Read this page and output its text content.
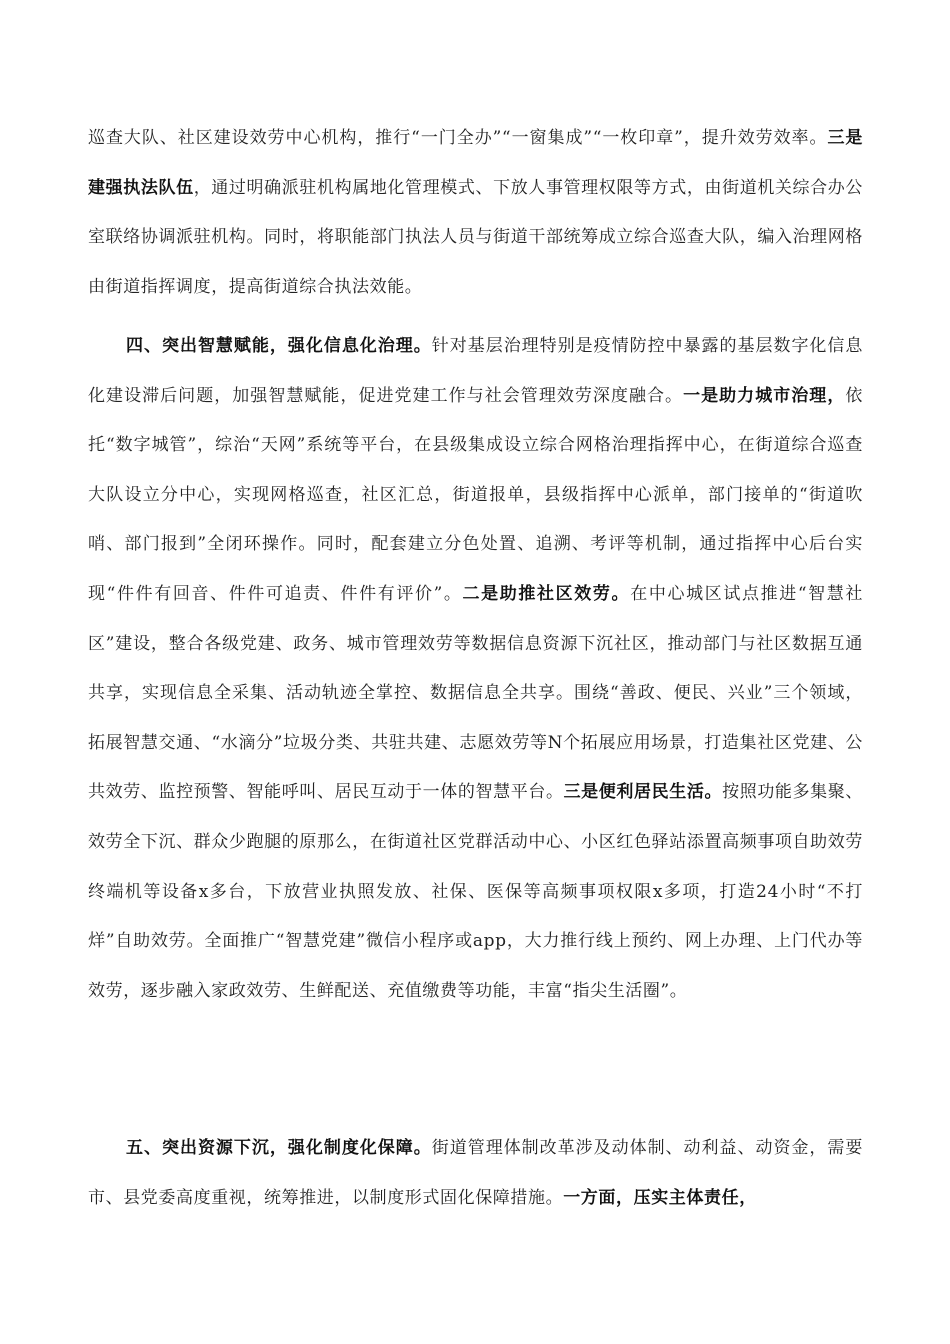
巡查大队、社区建设效劳中心机构，推行“一门全办”“一窗集成”“一枚印章”，提升效劳效率。三是建强执法队伍，通过明确派驻机构属地化管理模式、下放人事管理权限等方式，由街道机关综合办公室联络协调派驻机构。同时，将职能部门执法人员与街道干部统筹成立综合巡查大队，编入治理网格由街道指挥调度，提高街道综合执法效能。

四、突出智慧赋能，强化信息化治理。针对基层治理特别是疫情防控中暴露的基层数字化信息化建设滞后问题，加强智慧赋能，促进党建工作与社会管理效劳深度融合。一是助力城市治理，依托“数字城管”，综治“天网”系统等平台，在县级集成设立综合网格治理指挥中心，在街道综合巡查大队设立分中心，实现网格巡查，社区汇总，街道报单，县级指挥中心派单，部门接单的“街道吹哨、部门报到”全闭环操作。同时，配套建立分色处置、追溯、考评等机制，通过指挥中心后台实现“件件有回音、件件可追责、件件有评价”。二是助推社区效劳。在中心城区试点推进“智慧社区”建设，整合各级党建、政务、城市管理效劳等数据信息资源下沉社区，推动部门与社区数据互通共享，实现信息全采集、活动轨迹全掌控、数据信息全共享。围绕“善政、便民、兴业”三个领域，拓展智慧交通、“水滴分”垃圾分类、共驻共建、志愿效劳等N个拓展应用场景，打造集社区党建、公共效劳、监控预警、智能呼叫、居民互动于一体的智慧平台。三是便利居民生活。按照功能多集聚、效劳全下沉、群众少跑腿的原那么，在街道社区党群活动中心、小区红色驿站添置高频事项自助效劳终端机等设备x多台，下放营业执照发放、社保、医保等高频事项权限x多项，打造24小时“不打烊”自助效劳。全面推广“智慧党建”微信小程序或app，大力推行线上预约、网上办理、上门代办等效劳，逐步融入家政效劳、生鲜配送、充值缴费等功能，丰富“指尖生活圈”。

五、突出资源下沉，强化制度化保障。街道管理体制改革涉及动体制、动利益、动资金，需要市、县党委高度重视，统筹推进，以制度形式固化保障措施。一方面，压实主体责任，
